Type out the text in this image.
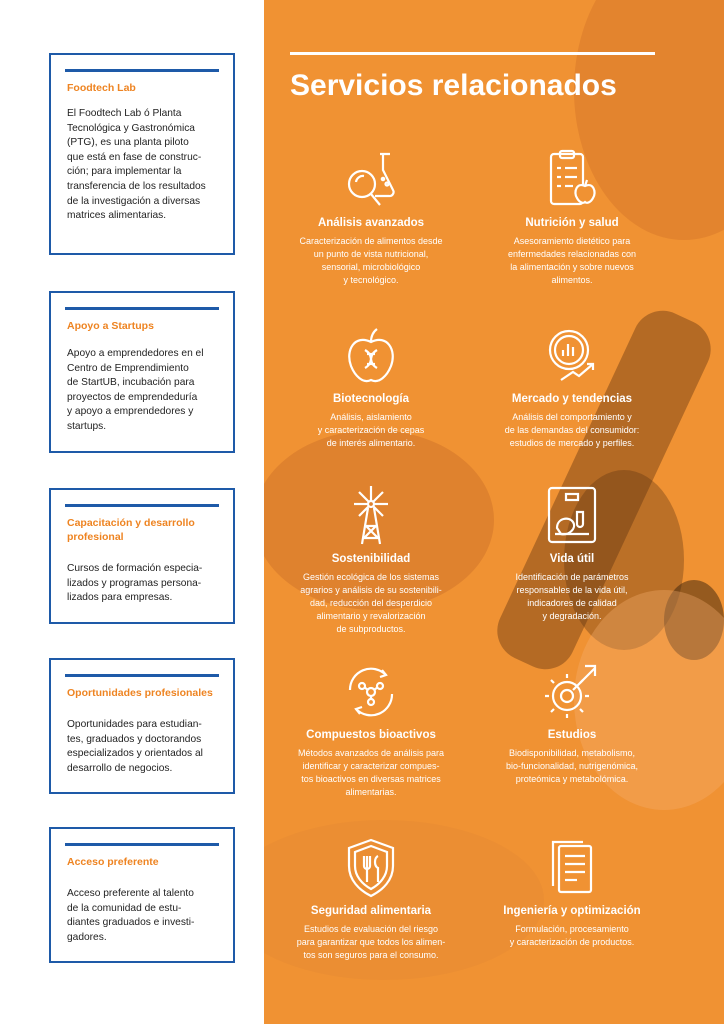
Foodtech Lab
El Foodtech Lab ó Planta
Tecnológica y Gastronómica
(PTG), es una planta piloto
que está en fase de construc-
ción; para implementar la
transferencia de los resultados
de la investigación a diversas
matrices alimentarias.
Apoyo a Startups
Apoyo a emprendedores en el
Centro de Emprendimiento
de StartUB, incubación para
proyectos de emprendeduría
y apoyo a emprendedores y
startups.
Capacitación y desarrollo profesional
Cursos de formación especia-
lizados y programas persona-
lizados para empresas.
Oportunidades profesionales
Oportunidades para estudian-
tes, graduados y doctorandos
especializados y orientados al
desarrollo de negocios.
Acceso preferente
Acceso preferente al talento
de la comunidad de estu-
diantes graduados e investi-
gadores.
Servicios relacionados
Análisis avanzados
Caracterización de alimentos desde
un punto de vista nutricional,
sensorial, microbiológico
y tecnológico.
Nutrición y salud
Asesoramiento dietético para
enfermedades relacionadas con
la alimentación y sobre nuevos
alimentos.
Biotecnología
Análisis, aislamiento
y caracterización de cepas
de interés alimentario.
Mercado y tendencias
Análisis del comportamiento y
de las demandas del consumidor:
estudios de mercado y perfiles.
Sostenibilidad
Gestión ecológica de los sistemas
agrarios y análisis de su sostenibili-
dad, reducción del desperdicio
alimentario y revalorización
de subproductos.
Vida útil
Identificación de parámetros
responsables de la vida útil,
indicadores de calidad
y degradación.
Compuestos bioactivos
Métodos avanzados de análisis para
identificar y caracterizar compues-
tos bioactivos en diversas matrices
alimentarias.
Estudios
Biodisponibilidad, metabolismo,
bio-funcionalidad, nutrigenómica,
proteómica y metabolómica.
Seguridad alimentaria
Estudios de evaluación del riesgo
para garantizar que todos los alimen-
tos son seguros para el consumo.
Ingeniería y optimización
Formulación, procesamiento
y caracterización de productos.
